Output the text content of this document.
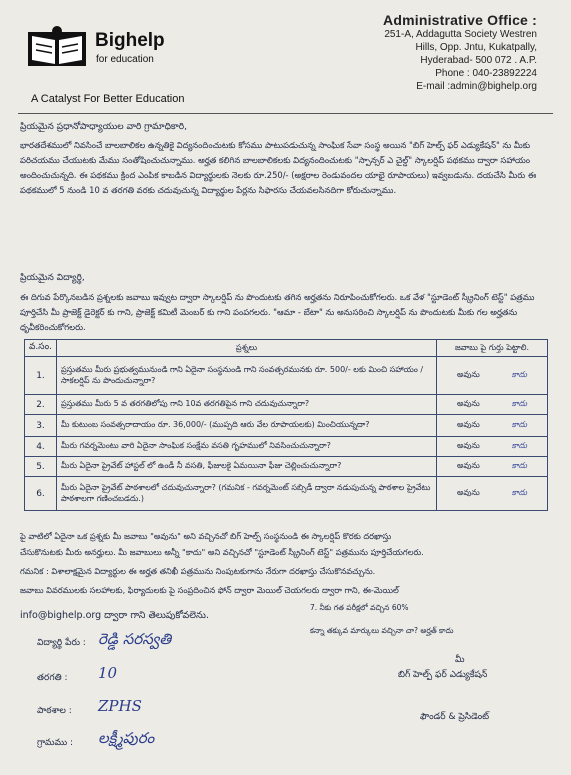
Bighelp
for education
A Catalyst For Better Education
Administrative Office :
251-A, Addagutta Society Westren
Hills, Opp. Jntu, Kukatpally,
Hyderabad- 500 072 . A.P.
Phone : 040-23892224
E-mail :admin@bighelp.org
ప్రియమైన ప్రధానోపాధ్యాయుల వారి గ్రామాధికారి,
భారతదేశములో నివసించే బాలబాలికల ఉన్నతికై విద్యనందించుటకు కోసము పాటుపడుచున్న సాంఘిక సేవా సంస్థ అయిన "బిగ్ హెల్ప్ ఫర్ ఎడ్యుకేషన్" ను మీకు పరిచయము చేయుటకు మేము సంతోషించుచున్నాము. అర్హత కలిగిన బాలబాలికలకు విద్యనందించుటకు "స్పాన్సర్ ఎ చైల్డ్" స్కాలర్షిప్ పథకము ద్వారా సహాయం అందించుచున్నది. ఈ పథకము క్రింద ఎంపిక కాబడిన విద్యార్థులకు నెలకు రూ.250/- (అక్షరాల రెండువందల యాభై రూపాయలు) ఇవ్వబడును. దయచేసి మీరు ఈ పథకములో 5 నుండి 10 వ తరగతి వరకు చదువుచున్న విద్యార్థుల పేర్లను సిఫారసు చేయవలసినదిగా కోరుచున్నాము.
ప్రియమైన విద్యార్థి,
ఈ దిగువ పేర్కొనబడిన ప్రశ్నలకు జవాబు ఇవ్వుట ద్వారా స్కాలర్షిప్ ను పొందుటకు తగిన అర్హతను నిరూపించుకోగలరు. ఒక వేళ "స్టూడెంట్ స్క్రీనింగ్ టెస్ట్" పత్రము పూర్తిచేసి మీ ప్రాజెక్ట్ డైరెక్టర్ కు గాని, ప్రాజెక్ట్ కమిటీ మెంబర్ కు గాని పంపగలరు. "ఆమా - బేటా" ను అనుసరించి స్కాలర్షిప్ ను పొందుటకు మీకు గల అర్హతను ధృవీకరించుకోగలరు.
వ.సం.	ప్రశ్నలు	జవాబు పై గుర్తు పెట్టాలి.
1.	ప్రస్తుతము మీరు ప్రభుత్వమునుండి గాని ఏదైనా సంస్థనుండి గాని సంవత్సరమునకు రూ. 500/- లకు మించి సహాయం / సాకలర్షిప్ ను పొందుచున్నారా?	అవును కాదు

2.	ప్రస్తుతము మీరు 5 వ తరగతిలోపు గాని 10వ తరగతిపైన గాని చదువుచున్నారా?	అవును కాదు

3.	మీ కుటుంబ సంవత్సరాదాయం రూ. 36,000/- (ముప్పది ఆరు వేల రూపాయలకు) మించియున్నదా?	అవును కాదు

4.	మీరు గవర్నమెంటు వారి ఏదైనా సాంఘిక సంక్షేమ వసతి గృహములో నివసించుచున్నారా?	అవును కాదు

5.	మీరు ఏదైనా ప్రైవేట్ హాస్టల్ లో ఉండీ నీ వసతి, ఫీజులకై ఏమయినా ఫీజు చెల్లించుచున్నారా?	అవును కాదు

6.	మీరు ఏదైనా ప్రైవేట్ పాఠశాలలో చదువుచున్నారా? (గమనిక - గవర్నమెంట్ సబ్సిడీ ద్వారా నడుపుచున్న పాఠశాల ప్రైవేటు పాఠశాలగా గణించబడదు.)	అవును కాదు
పై వాటిలో ఏదైనా ఒక ప్రశ్నకు మీ జవాబు "అవును" అని వచ్చినచో బిగ్ హెల్ప్ సంస్థనుండి ఈ స్కాలర్షిప్ కొరకు దరఖాస్తు
చేసుకొనుటకు మీరు అనర్హులు. మీ జవాబులు అన్నీ "కాదు" అని వచ్చినచో "స్టూడెంట్ స్క్రీనింగ్ టెస్ట్" పత్రమును పూర్తిచేయగలరు.
గమనిక : విశాలాక్షమైన విద్యార్థుల ఈ అర్హత తనిఖీ పత్రమును నింపుటకుగాను నేరుగా దరఖాస్తు చేసుకొనవచ్చును.
జవాబు వివరములకు సలహాలకు, ఫిర్యాదులకు పై సంప్రదించిన ఫోన్ ద్వారా మెయిల్ చెయగలరు ద్వారా గాని, ఈ-మెయిల్
info@bighelp.org ద్వారా గాని తెలుపుకోవలెను.
7. నీకు గత పరీక్షలో వచ్చిన 60%
కన్నా తక్కువ మార్కులు వచ్చినా చా? అర్హత్ కాదు
విద్యార్థి పేరు : రెడ్డి సరస్వతి
తరగతి : 10
పాఠశాల : ZPHS
గ్రామము : లక్ష్మీపురం
మీ
బిగ్ హెల్ప్ ఫర్ ఎడ్యుకేషన్
ఫౌండర్ & ప్రెసిడెంట్
